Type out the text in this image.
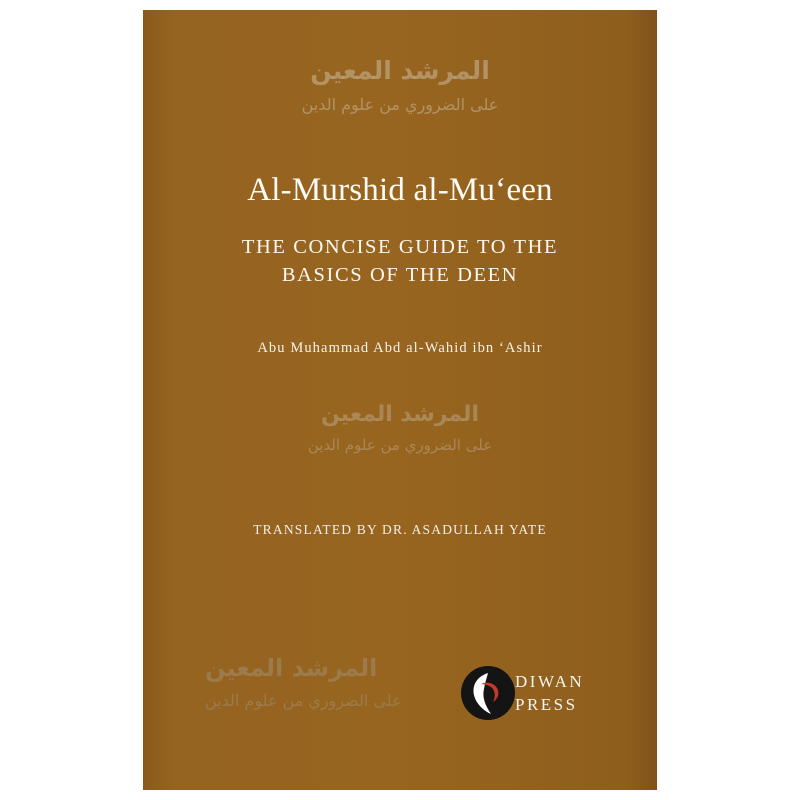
المرشد المعين
على الضروري من علوم الدين
Al-Murshid al-Mu‘een
THE CONCISE GUIDE TO THE
BASICS OF THE DEEN
Abu Muhammad Abd al-Wahid ibn ‘Ashir
المرشد المعين
على الضروري من علوم الدين
TRANSLATED BY DR. ASADULLAH YATE
المرشد المعين
على الضروري من علوم الدين
DIWAN
PRESS
